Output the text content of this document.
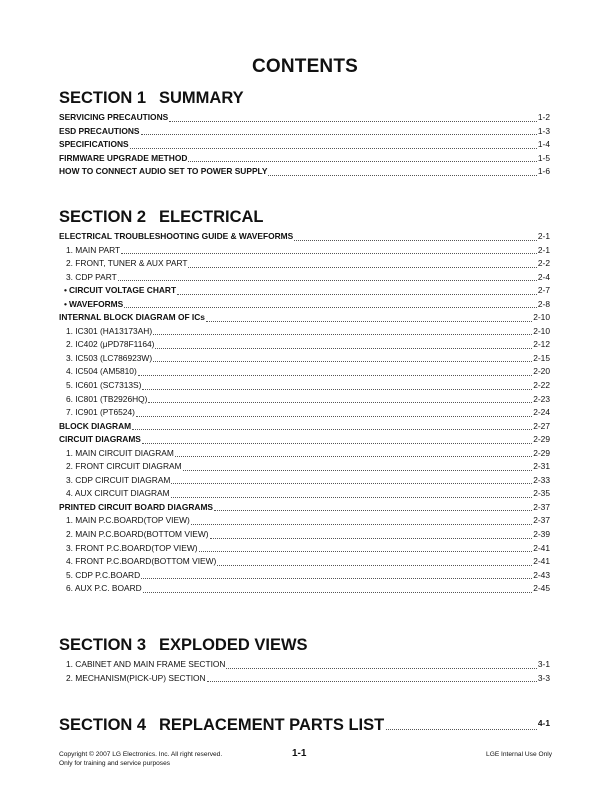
CONTENTS
SECTION 1 SUMMARY
SERVICING PRECAUTIONS	1-2
ESD PRECAUTIONS	1-3
SPECIFICATIONS	1-4
FIRMWARE UPGRADE METHOD	1-5
HOW TO CONNECT AUDIO SET TO POWER SUPPLY	1-6
SECTION 2 ELECTRICAL
ELECTRICAL TROUBLESHOOTING GUIDE & WAVEFORMS	2-1
1. MAIN PART	2-1
2. FRONT, TUNER & AUX PART	2-2
3. CDP PART	2-4
• CIRCUIT VOLTAGE CHART	2-7
• WAVEFORMS	2-8
INTERNAL BLOCK DIAGRAM OF ICs	2-10
1. IC301 (HA13173AH)	2-10
2. IC402 (μPD78F1164)	2-12
3. IC503 (LC786923W)	2-15
4. IC504 (AM5810)	2-20
5. IC601 (SC7313S)	2-22
6. IC801 (TB2926HQ)	2-23
7. IC901 (PT6524)	2-24
BLOCK DIAGRAM	2-27
CIRCUIT DIAGRAMS	2-29
1. MAIN CIRCUIT DIAGRAM	2-29
2. FRONT CIRCUIT DIAGRAM	2-31
3. CDP CIRCUIT DIAGRAM	2-33
4. AUX CIRCUIT DIAGRAM	2-35
PRINTED CIRCUIT BOARD DIAGRAMS	2-37
1. MAIN P.C.BOARD(TOP VIEW)	2-37
2. MAIN P.C.BOARD(BOTTOM VIEW)	2-39
3. FRONT P.C.BOARD(TOP VIEW)	2-41
4. FRONT P.C.BOARD(BOTTOM VIEW)	2-41
5. CDP P.C.BOARD	2-43
6. AUX P.C. BOARD	2-45
SECTION 3 EXPLODED VIEWS
1. CABINET AND MAIN FRAME SECTION	3-1
2. MECHANISM(PICK-UP) SECTION	3-3
SECTION 4 REPLACEMENT PARTS LIST	4-1
Copyright © 2007 LG Electronics. Inc. All right reserved.
Only for training and service purposes
1-1	LGE Internal Use Only
